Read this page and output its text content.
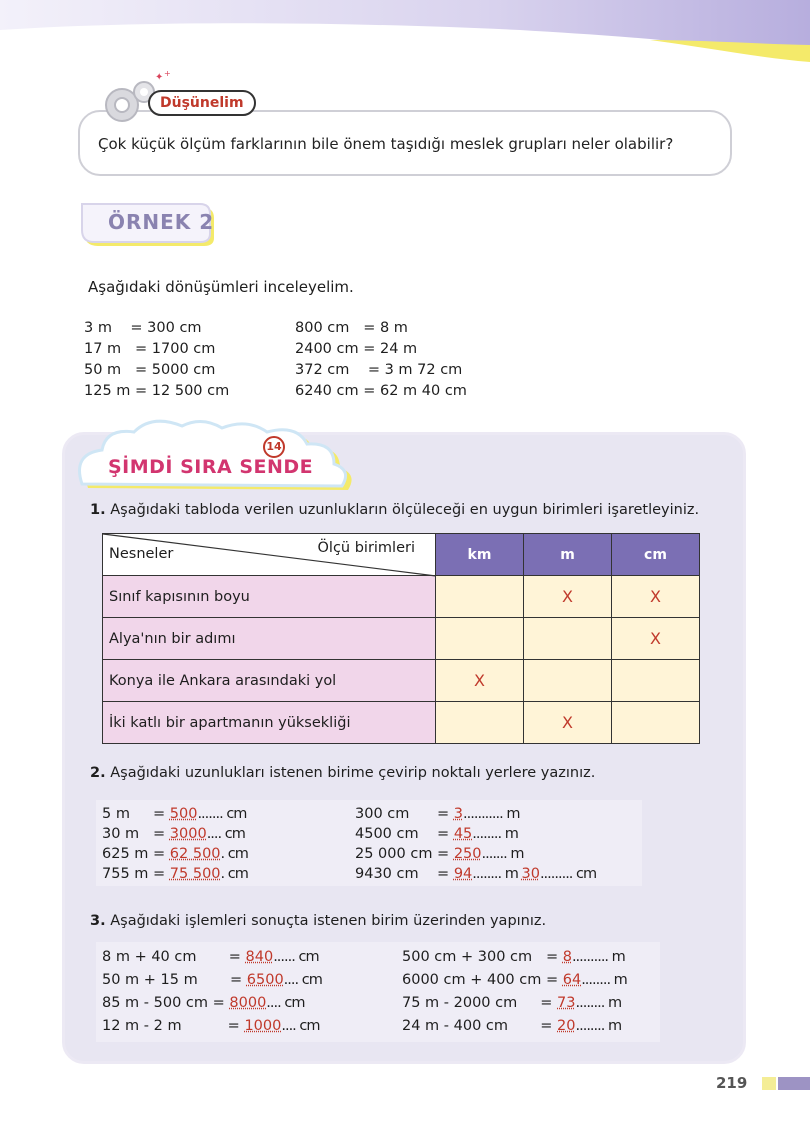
✦ +
Düşünelim
Çok küçük ölçüm farklarının bile önem taşıdığı meslek grupları neler olabilir?
ÖRNEK 2
Aşağıdaki dönüşümleri inceleyelim.
3 m    = 300 cm
17 m   = 1700 cm
50 m   = 5000 cm
125 m = 12 500 cm
800 cm   = 8 m
2400 cm = 24 m
372 cm    = 3 m 72 cm
6240 cm = 62 m 40 cm
14
ŞİMDİ SIRA SENDE
1. Aşağıdaki tabloda verilen uzunlukların ölçüleceği en uygun birimleri işaretleyiniz.
Nesneler Ölçü birimleri	km	m	cm
Sınıf kapısının boyu		X	X
Alya'nın bir adımı			X
Konya ile Ankara arasındaki yol	X		
İki katlı bir apartmanın yüksekliği		X	
2. Aşağıdaki uzunlukları istenen birime çevirip noktalı yerlere yazınız.
5 m     = 500....... cm
30 m   = 3000.... cm
625 m = 62 500. cm
755 m = 75 500. cm
300 cm      = 3........... m
4500 cm    = 45........ m
25 000 cm = 250....... m
9430 cm    = 94........ m 30......... cm
3. Aşağıdaki işlemleri sonuçta istenen birim üzerinden yapınız.
8 m + 40 cm       = 840...... cm
50 m + 15 m       = 6500.... cm
85 m - 500 cm = 8000.... cm
12 m - 2 m          = 1000.... cm
500 cm + 300 cm   = 8.......... m
6000 cm + 400 cm = 64........ m
75 m - 2000 cm     = 73........ m
24 m - 400 cm       = 20........ m
219
